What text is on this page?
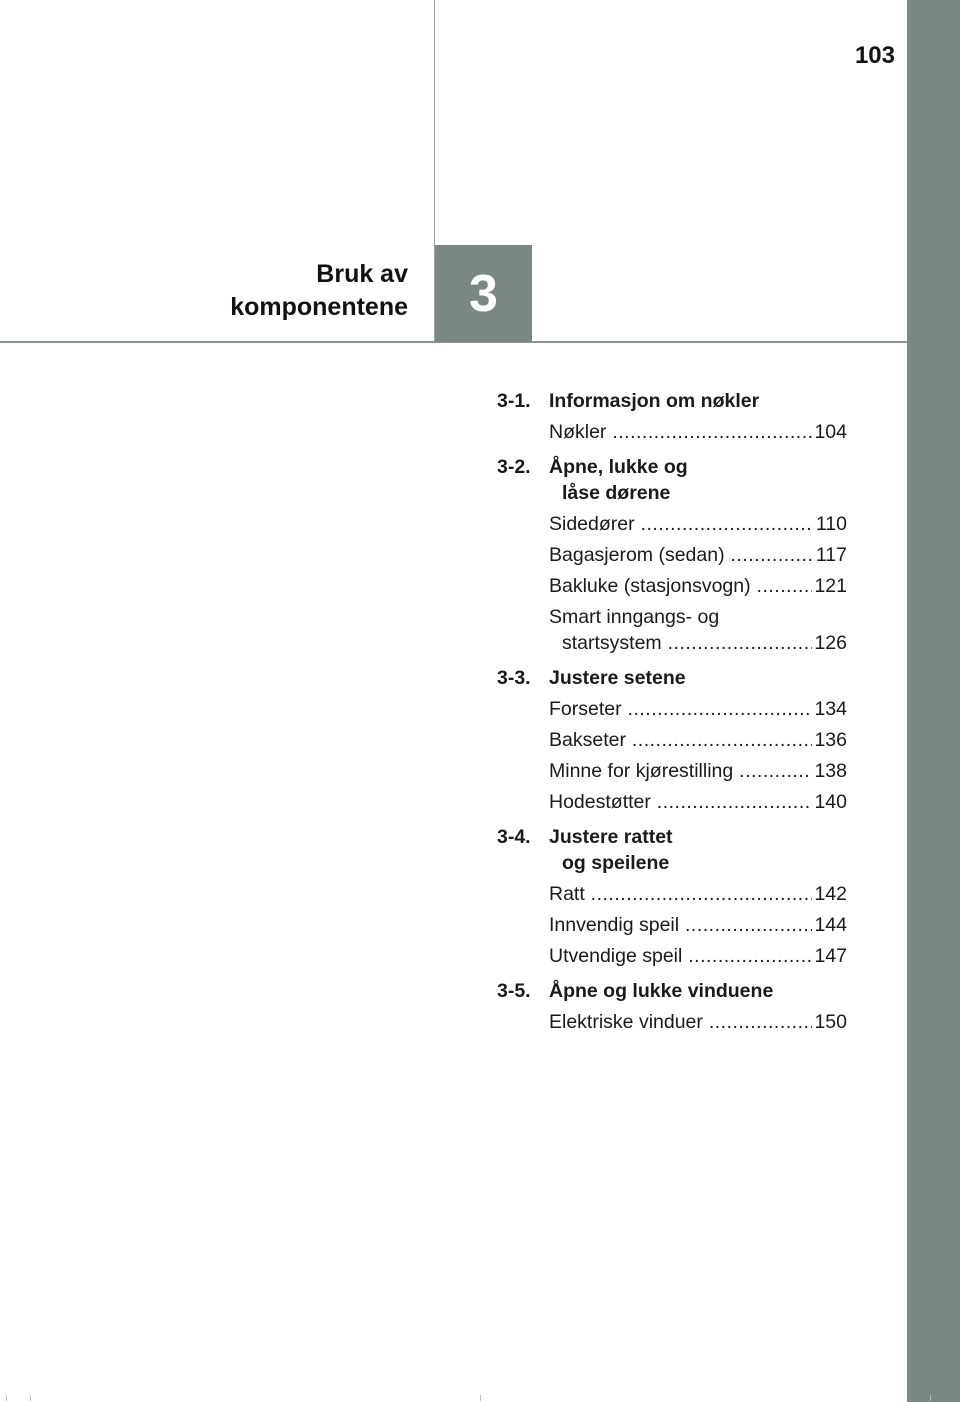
103
Bruk av
komponentene 3
3-1. Informasjon om nøkler
Nøkler .....	104
3-2. Åpne, lukke og
låse dørene
Sidedører .....	110
Bagasjerom (sedan) .....	117
Bakluke (stasjonsvogn) .....	121
Smart inngangs- og
startsystem .....	126
3-3. Justere setene
Forseter .....	134
Bakseter .....	136
Minne for kjørestilling .....	138
Hodestøtter .....	140
3-4. Justere rattet
og speilene
Ratt .....	142
Innvendig speil .....	144
Utvendige speil .....	147
3-5. Åpne og lukke vinduene
Elektriske vinduer .....	150
